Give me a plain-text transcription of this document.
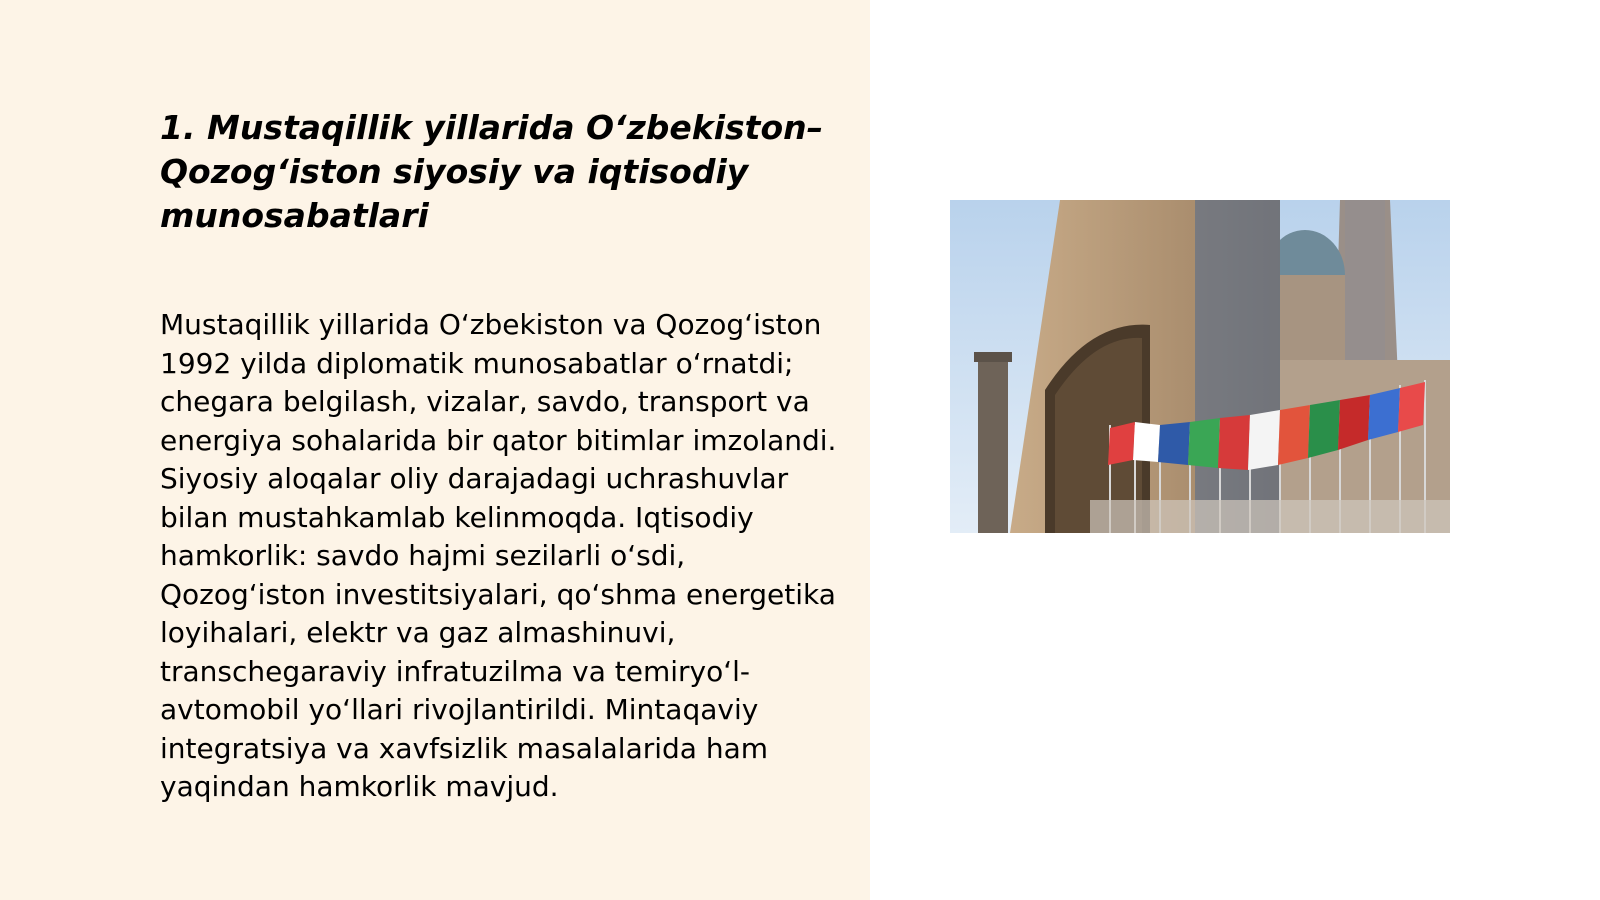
1. Mustaqillik yillarida O‘zbekiston–Qozog‘iston siyosiy va iqtisodiy munosabatlari

Mustaqillik yillarida O‘zbekiston va Qozog‘iston 1992 yilda diplomatik munosabatlar o‘rnatdi; chegara belgilash, vizalar, savdo, transport va energiya sohalarida bir qator bitimlar imzolandi. Siyosiy aloqalar oliy darajadagi uchrashuvlar bilan mustahkamlab kelinmoqda. Iqtisodiy hamkorlik: savdo hajmi sezilarli o‘sdi, Qozog‘iston investitsiyalari, qo‘shma energetika loyihalari, elektr va gaz almashinuvi, transchegaraviy infratuzilma va temiryo‘l-avtomobil yo‘llari rivojlantirildi. Mintaqaviy integratsiya va xavfsizlik masalalarida ham yaqindan hamkorlik mavjud.
